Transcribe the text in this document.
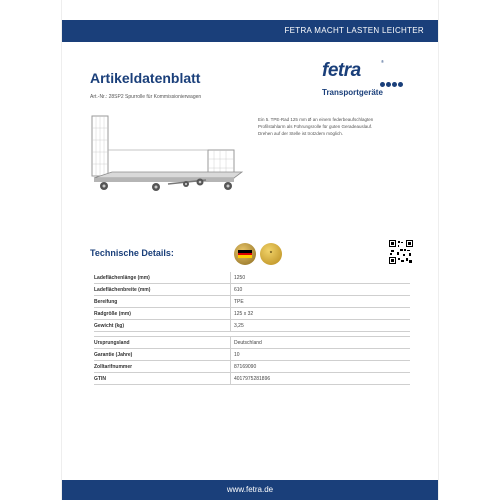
FETRA MACHT LASTEN LEICHTER
Artikeldatenblatt
Art.-Nr.: 28SP2 Spurrolle für Kommissionierwagen
fetra	®
Transportgeräte
Ein 5. TPE-Rad 125 mm Ø an einem federbeaufschlagten
Profilstahlarm als Führungsrolle für guten Geradeauslauf.
Drehen auf der Stelle ist trotzdem möglich.
Technische Details:	★
Ladeflächenlänge (mm)	1250
Ladeflächenbreite (mm)	610
Bereifung	TPE
Radgröße (mm)	125 x 32
Gewicht (kg)	3,25

Ursprungsland	Deutschland
Garantie (Jahre)	10
Zolltarifnummer	87169090
GTIN	4017975281896
www.fetra.de
